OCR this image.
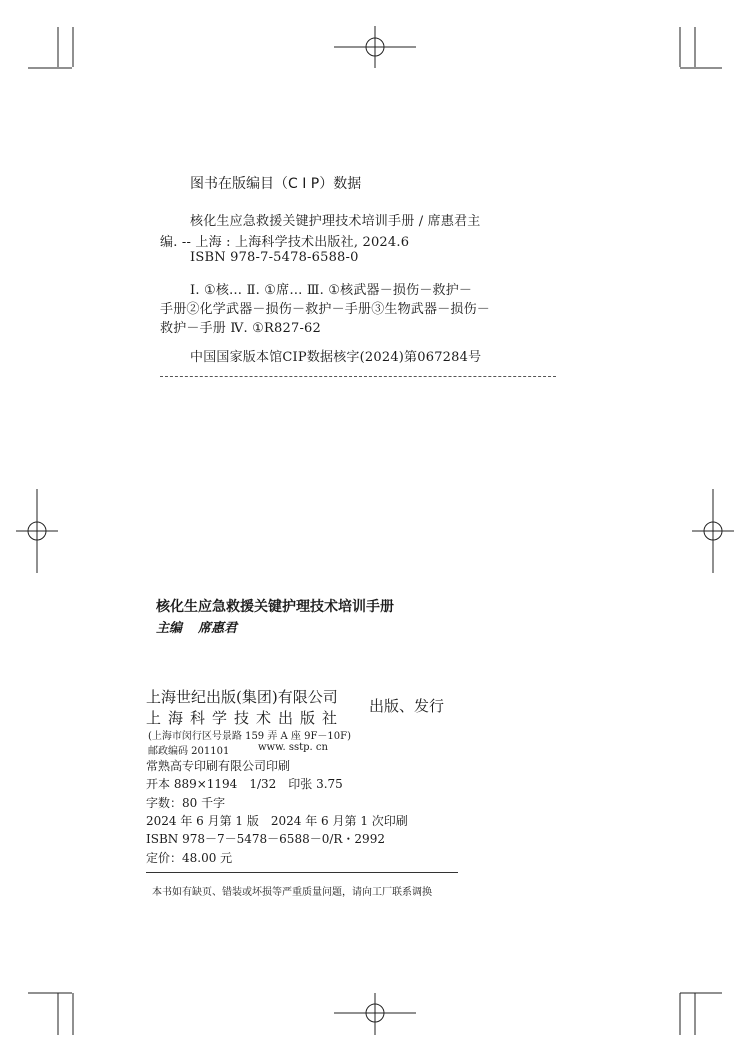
图书在版编目（C I P）数据
核化生应急救援关键护理技术培训手册 / 席惠君主
编. -- 上海 : 上海科学技术出版社, 2024.6
ISBN 978-7-5478-6588-0
Ⅰ. ①核… Ⅱ. ①席… Ⅲ. ①核武器－损伤－救护－
手册②化学武器－损伤－救护－手册③生物武器－损伤－
救护－手册 Ⅳ. ①R827-62
中国国家版本馆CIP数据核字(2024)第067284号
核化生应急救援关键护理技术培训手册
主编 席惠君
上海世纪出版(集团)有限公司
上海科学技术出版社
出版、发行
(上海市闵行区号景路 159 弄 A 座 9F－10F)
邮政编码 201101	www. sstp. cn
常熟高专印刷有限公司印刷
开本 889×1194　1/32　印张 3.75
字数：80 千字
2024 年 6 月第 1 版　2024 年 6 月第 1 次印刷
ISBN 978－7－5478－6588－0/R・2992
定价：48.00 元
本书如有缺页、错装或坏损等严重质量问题，请向工厂联系调换
